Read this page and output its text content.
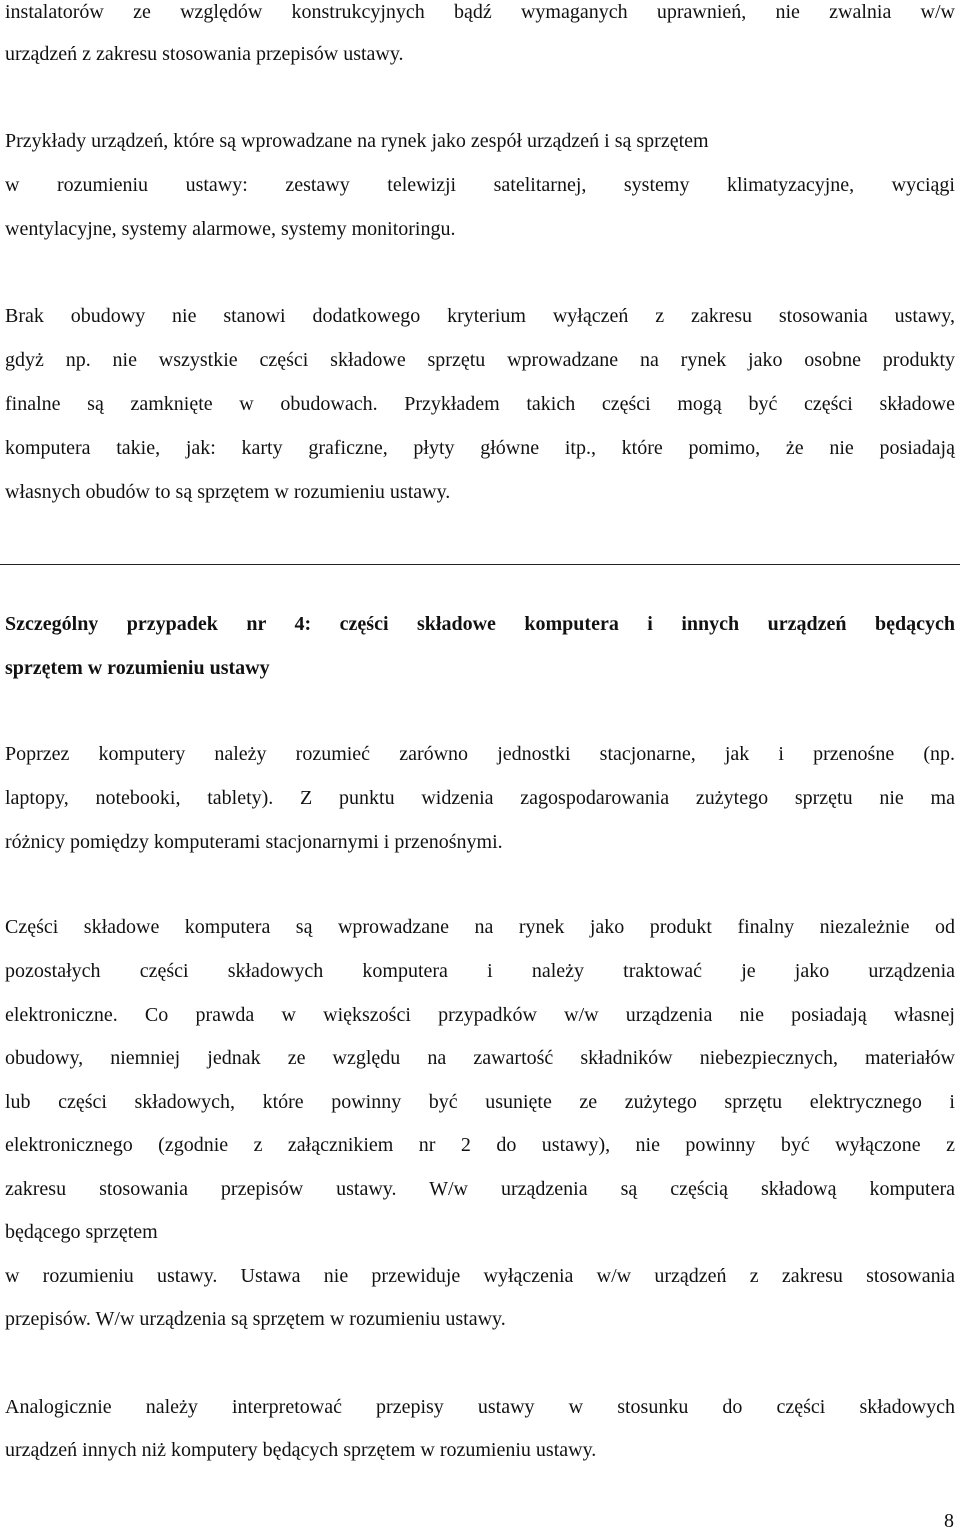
instalatorów ze względów konstrukcyjnych bądź wymaganych uprawnień, nie zwalnia w/w
urządzeń z zakresu stosowania przepisów ustawy.
Przykłady urządzeń, które są wprowadzane na rynek jako zespół urządzeń i są sprzętem
w rozumieniu ustawy: zestawy telewizji satelitarnej, systemy klimatyzacyjne, wyciągi
wentylacyjne, systemy alarmowe, systemy monitoringu.
Brak obudowy nie stanowi dodatkowego kryterium wyłączeń z zakresu stosowania ustawy,
gdyż np. nie wszystkie części składowe sprzętu wprowadzane na rynek jako osobne produkty
finalne są zamknięte w obudowach. Przykładem takich części mogą być części składowe
komputera takie, jak: karty graficzne, płyty główne itp., które pomimo, że nie posiadają
własnych obudów to są sprzętem w rozumieniu ustawy.
Szczególny przypadek nr 4: części składowe komputera i innych urządzeń będących
sprzętem w rozumieniu ustawy
Poprzez komputery należy rozumieć zarówno jednostki stacjonarne, jak i przenośne (np.
laptopy, notebooki, tablety). Z punktu widzenia zagospodarowania zużytego sprzętu nie ma
różnicy pomiędzy komputerami stacjonarnymi i przenośnymi.
Części składowe komputera są wprowadzane na rynek jako produkt finalny niezależnie od
pozostałych części składowych komputera i należy traktować je jako urządzenia
elektroniczne. Co prawda w większości przypadków w/w urządzenia nie posiadają własnej
obudowy, niemniej jednak ze względu na zawartość składników niebezpiecznych, materiałów
lub części składowych, które powinny być usunięte ze zużytego sprzętu elektrycznego i
elektronicznego (zgodnie z załącznikiem nr 2 do ustawy), nie powinny być wyłączone z
zakresu stosowania przepisów ustawy. W/w urządzenia są częścią składową komputera
będącego sprzętem
w rozumieniu ustawy. Ustawa nie przewiduje wyłączenia w/w urządzeń z zakresu stosowania
przepisów. W/w urządzenia są sprzętem w rozumieniu ustawy.
Analogicznie należy interpretować przepisy ustawy w stosunku do części składowych
urządzeń innych niż komputery będących sprzętem w rozumieniu ustawy.
8
